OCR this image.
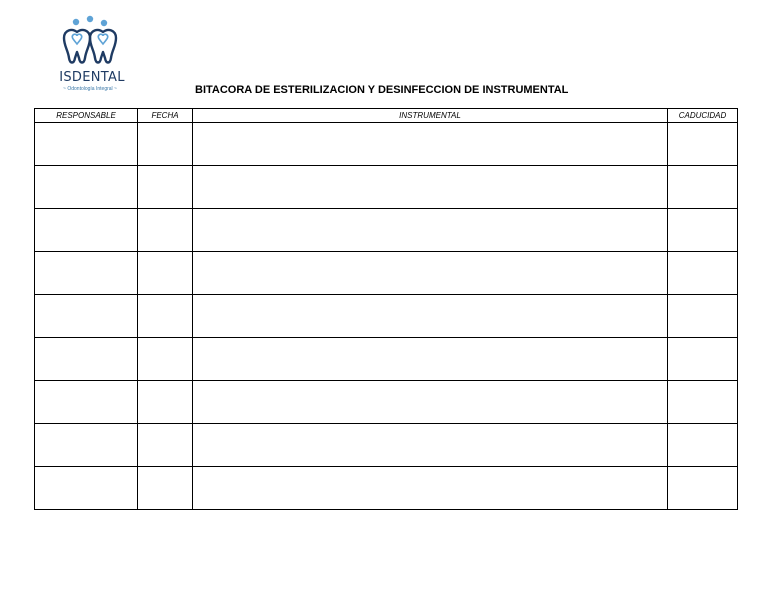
ISDENTAL
~ Odontología Integral ~	BITACORA DE ESTERILIZACION Y DESINFECCION DE INSTRUMENTAL
RESPONSABLE	FECHA	INSTRUMENTAL	CADUCIDAD
